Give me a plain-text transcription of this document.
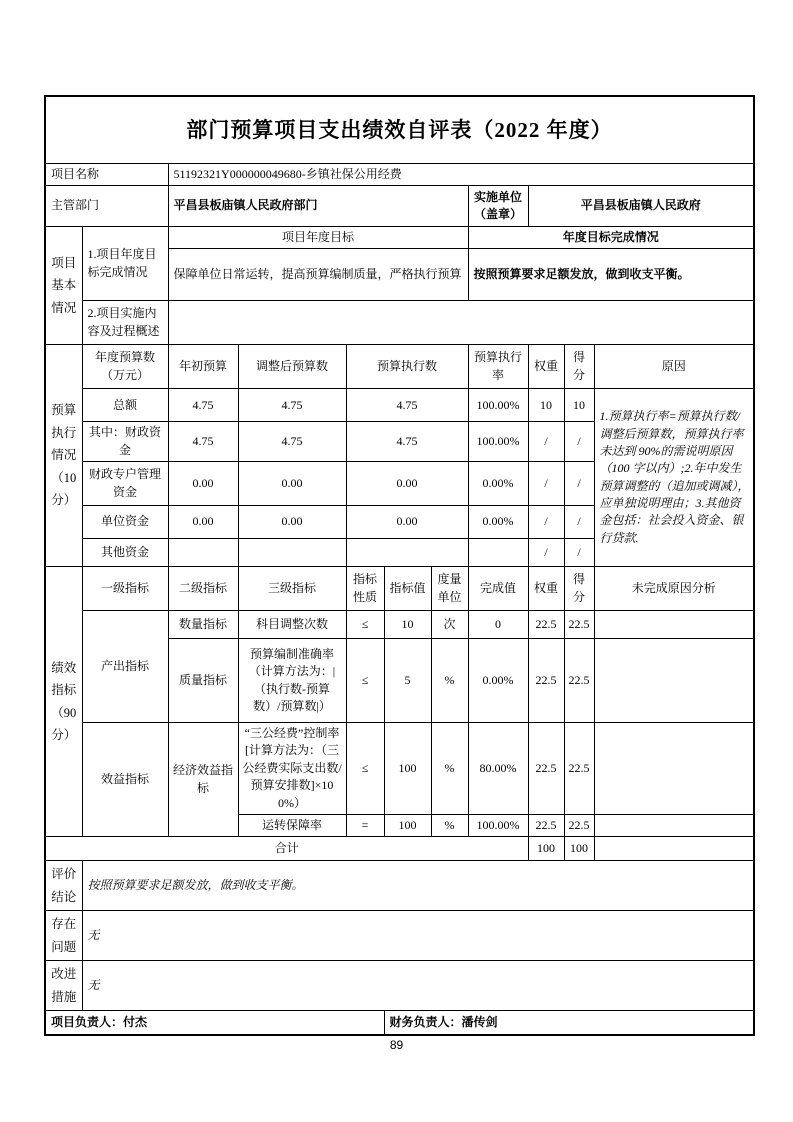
部门预算项目支出绩效自评表（2022 年度）										
项目名称		51192321Y000000049680-乡镇社保公用经费								
主管部门		平昌县板庙镇人民政府部门					实施单位（盖章）	平昌县板庙镇人民政府		
项目基本情况	1.项目年度目标完成情况	项目年度目标					年度目标完成情况			
		保障单位日常运转，提高预算编制质量，严格执行预算					按照预算要求足额发放，做到收支平衡。			
	2.项目实施内容及过程概述									
预算执行情况（10分）	年度预算数（万元）	年初预算	调整后预算数	预算执行数			预算执行率	权重	得分	原因
	总额	4.75	4.75	4.75			100.00%	10	10	1.预算执行率=预算执行数/调整后预算数，预算执行率未达到 90%的需说明原因（100 字以内）;2.年中发生预算调整的（追加或调减），应单独说明理由；3.其他资金包括：社会投入资金、银行贷款.
	其中：财政资金	4.75	4.75	4.75			100.00%	/	/	
	财政专户管理资金	0.00	0.00	0.00			0.00%	/	/	
	单位资金	0.00	0.00	0.00			0.00%	/	/	
	其他资金							/	/	
绩效指标（90分）	一级指标	二级指标	三级指标	指标性质	指标值	度量单位	完成值	权重	得分	未完成原因分析
	产出指标	数量指标	科目调整次数	≤	10	次	0	22.5	22.5	
		质量指标	预算编制准确率（计算方法为：|（执行数-预算数）/预算数|）	≤	5	%	0.00%	22.5	22.5	
	效益指标	经济效益指标	“三公经费”控制率[计算方法为：（三公经费实际支出数/预算安排数]×100%）	≤	100	%	80.00%	22.5	22.5	
			运转保障率	=	100	%	100.00%	22.5	22.5	
合计								100	100	
评价结论	按照预算要求足额发放，做到收支平衡。									
存在问题	无									
改进措施	无									
项目负责人：付杰					财务负责人：潘传剑					
89
